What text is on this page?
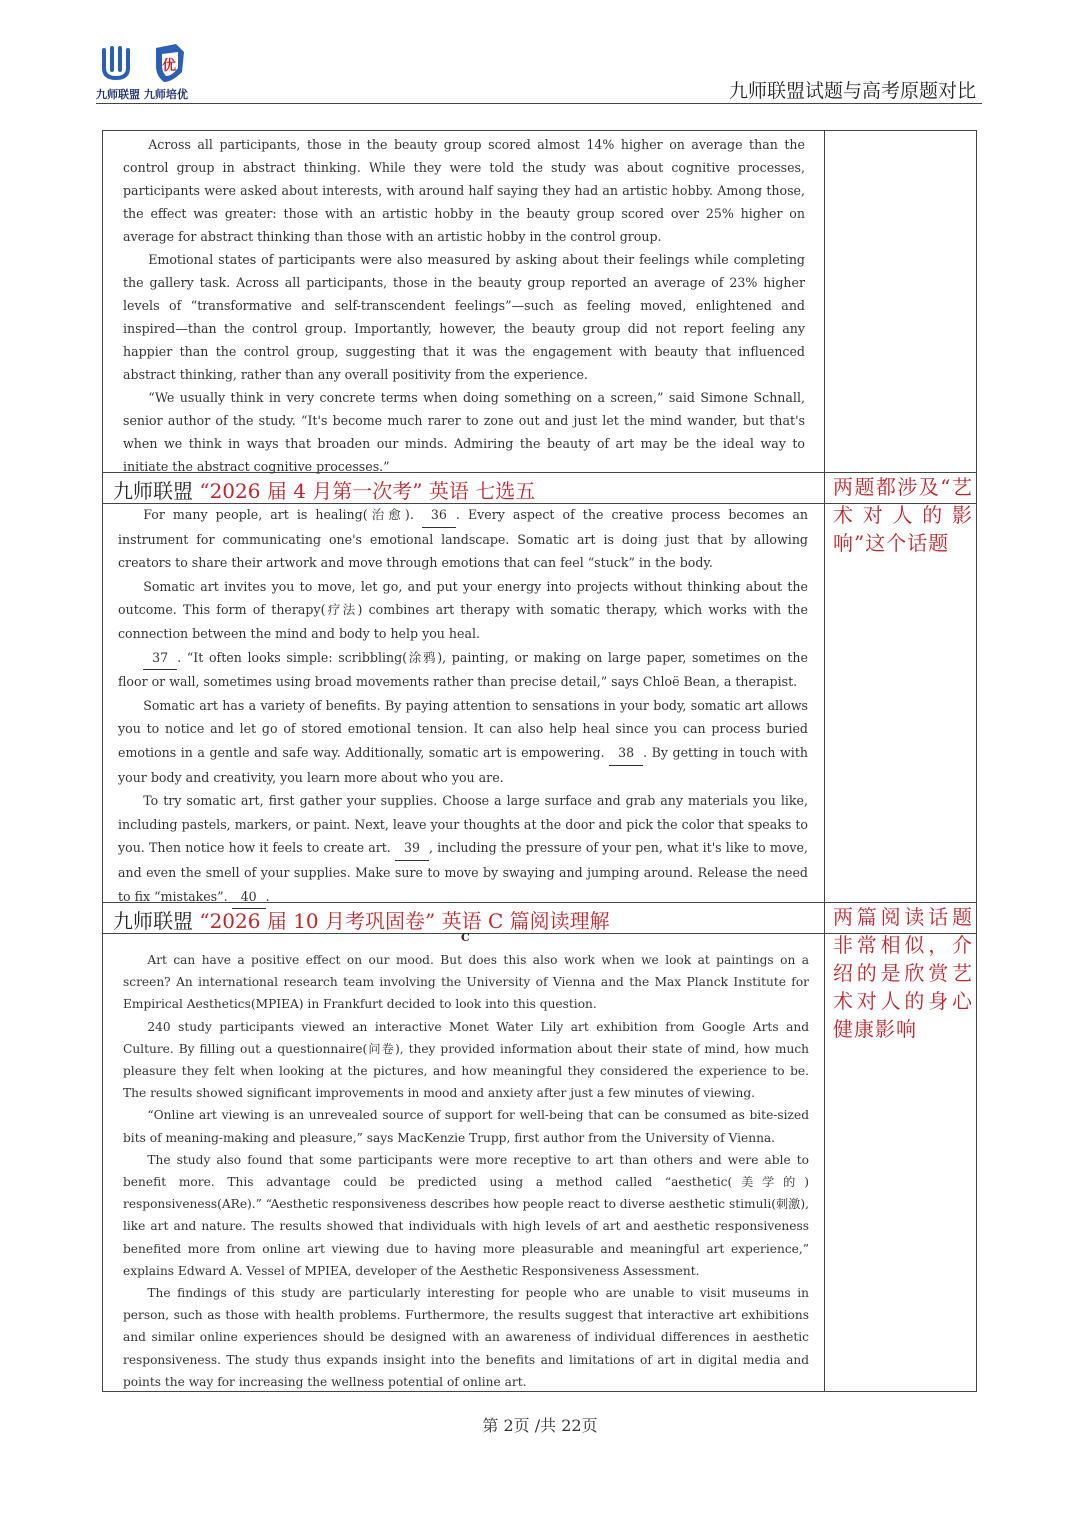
优
九师联盟 九师培优	九师联盟试题与高考原题对比

Across all participants, those in the beauty group scored almost 14% higher on average than the control group in abstract thinking. While they were told the study was about cognitive processes, participants were asked about interests, with around half saying they had an artistic hobby. Among those, the effect was greater: those with an artistic hobby in the beauty group scored over 25% higher on average for abstract thinking than those with an artistic hobby in the control group.

Emotional states of participants were also measured by asking about their feelings while completing the gallery task. Across all participants, those in the beauty group reported an average of 23% higher levels of “transformative and self-transcendent feelings”—such as feeling moved, enlightened and inspired—than the control group. Importantly, however, the beauty group did not report feeling any happier than the control group, suggesting that it was the engagement with beauty that influenced abstract thinking, rather than any overall positivity from the experience.

“We usually think in very concrete terms when doing something on a screen,” said Simone Schnall, senior author of the study. “It's become much rarer to zone out and just let the mind wander, but that's when we think in ways that broaden our minds. Admiring the beauty of art may be the ideal way to initiate the abstract cognitive processes.”

九师联盟 “2026 届 4 月第一次考” 英语 七选五	两题都涉及“艺术对人的影响”这个话题

For many people, art is healing(治愈). 36 . Every aspect of the creative process becomes an instrument for communicating one's emotional landscape. Somatic art is doing just that by allowing creators to share their artwork and move through emotions that can feel “stuck” in the body.

Somatic art invites you to move, let go, and put your energy into projects without thinking about the outcome. This form of therapy(疗法) combines art therapy with somatic therapy, which works with the connection between the mind and body to help you heal.

37 . “It often looks simple: scribbling(涂鸦), painting, or making on large paper, sometimes on the floor or wall, sometimes using broad movements rather than precise detail,” says Chloë Bean, a therapist.

Somatic art has a variety of benefits. By paying attention to sensations in your body, somatic art allows you to notice and let go of stored emotional tension. It can also help heal since you can process buried emotions in a gentle and safe way. Additionally, somatic art is empowering. 38 . By getting in touch with your body and creativity, you learn more about who you are.

To try somatic art, first gather your supplies. Choose a large surface and grab any materials you like, including pastels, markers, or paint. Next, leave your thoughts at the door and pick the color that speaks to you. Then notice how it feels to create art. 39 , including the pressure of your pen, what it's like to move, and even the smell of your supplies. Make sure to move by swaying and jumping around. Release the need to fix “mistakes”. 40 .

九师联盟 “2026 届 10 月考巩固卷” 英语 C 篇阅读理解	两篇阅读话题非常相似，介绍的是欣赏艺术对人的身心健康影响
C

Art can have a positive effect on our mood. But does this also work when we look at paintings on a screen? An international research team involving the University of Vienna and the Max Planck Institute for Empirical Aesthetics(MPIEA) in Frankfurt decided to look into this question.

240 study participants viewed an interactive Monet Water Lily art exhibition from Google Arts and Culture. By filling out a questionnaire(问卷), they provided information about their state of mind, how much pleasure they felt when looking at the pictures, and how meaningful they considered the experience to be. The results showed significant improvements in mood and anxiety after just a few minutes of viewing.

“Online art viewing is an unrevealed source of support for well-being that can be consumed as bite-sized bits of meaning-making and pleasure,” says MacKenzie Trupp, first author from the University of Vienna.

The study also found that some participants were more receptive to art than others and were able to benefit more. This advantage could be predicted using a method called “aesthetic(美学的) responsiveness(ARe).” “Aesthetic responsiveness describes how people react to diverse aesthetic stimuli(刺激), like art and nature. The results showed that individuals with high levels of art and aesthetic responsiveness benefited more from online art viewing due to having more pleasurable and meaningful art experience,” explains Edward A. Vessel of MPIEA, developer of the Aesthetic Responsiveness Assessment.

The findings of this study are particularly interesting for people who are unable to visit museums in person, such as those with health problems. Furthermore, the results suggest that interactive art exhibitions and similar online experiences should be designed with an awareness of individual differences in aesthetic responsiveness. The study thus expands insight into the benefits and limitations of art in digital media and points the way for increasing the wellness potential of online art.

第 2页 /共 22页
